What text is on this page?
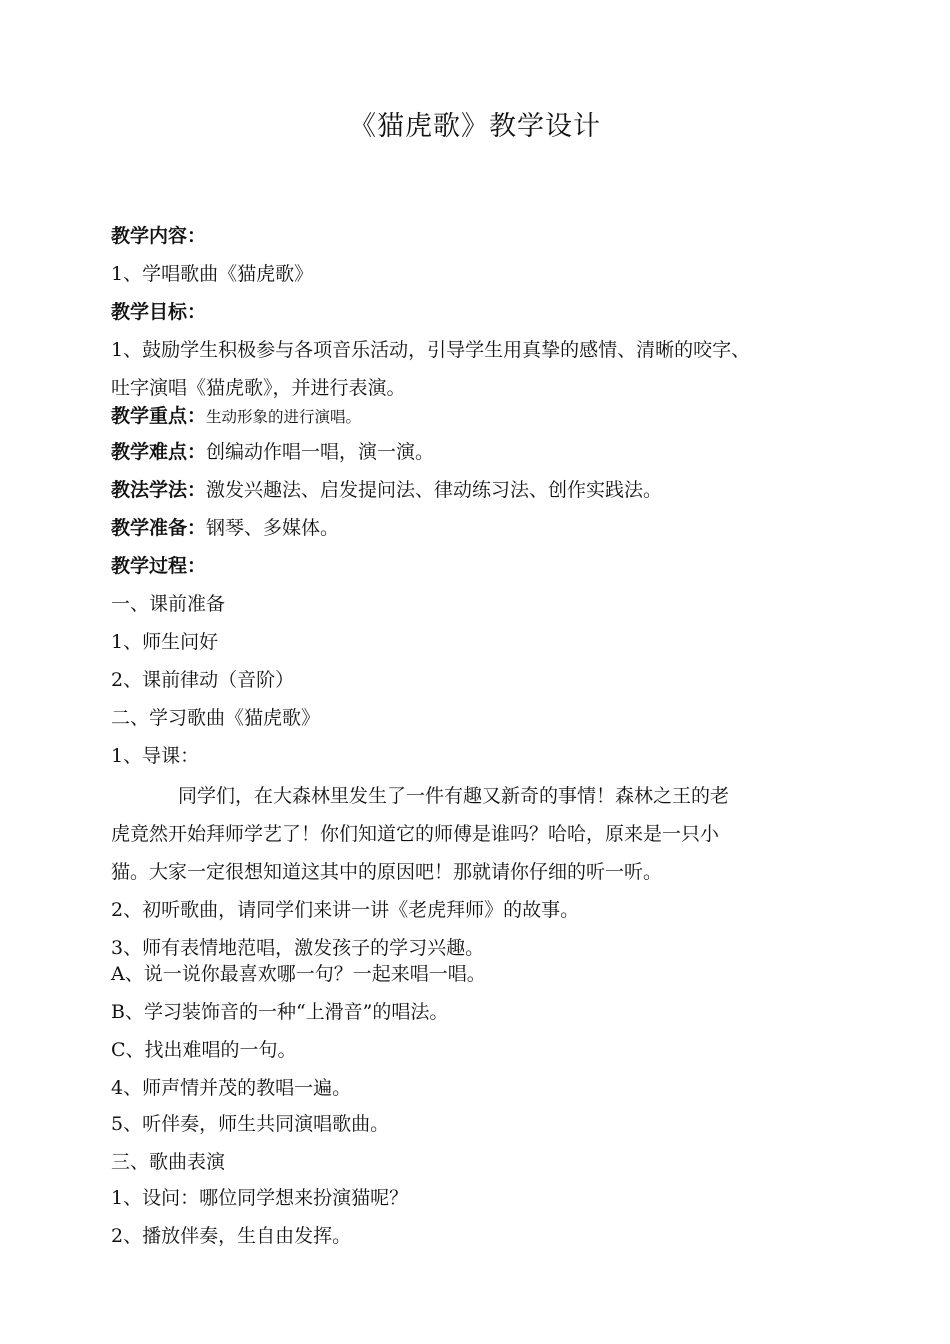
《猫虎歌》教学设计
教学内容：
1、学唱歌曲《猫虎歌》
教学目标：
1、鼓励学生积极参与各项音乐活动，引导学生用真挚的感情、清晰的咬字、
吐字演唱《猫虎歌》，并进行表演。
教学重点：生动形象的进行演唱。
教学难点：创编动作唱一唱，演一演。
教法学法：激发兴趣法、启发提问法、律动练习法、创作实践法。
教学准备：钢琴、多媒体。
教学过程：
一、课前准备
1、师生问好
2、课前律动（音阶）
二、学习歌曲《猫虎歌》
1、导课：
同学们，在大森林里发生了一件有趣又新奇的事情！森林之王的老
虎竟然开始拜师学艺了！你们知道它的师傅是谁吗？哈哈，原来是一只小
猫。大家一定很想知道这其中的原因吧！那就请你仔细的听一听。
2、初听歌曲，请同学们来讲一讲《老虎拜师》的故事。
3、师有表情地范唱，激发孩子的学习兴趣。
A、说一说你最喜欢哪一句？一起来唱一唱。
B、学习装饰音的一种“上滑音”的唱法。
C、找出难唱的一句。
4、师声情并茂的教唱一遍。
5、听伴奏，师生共同演唱歌曲。
三、歌曲表演
1、设问：哪位同学想来扮演猫呢？
2、播放伴奏，生自由发挥。
